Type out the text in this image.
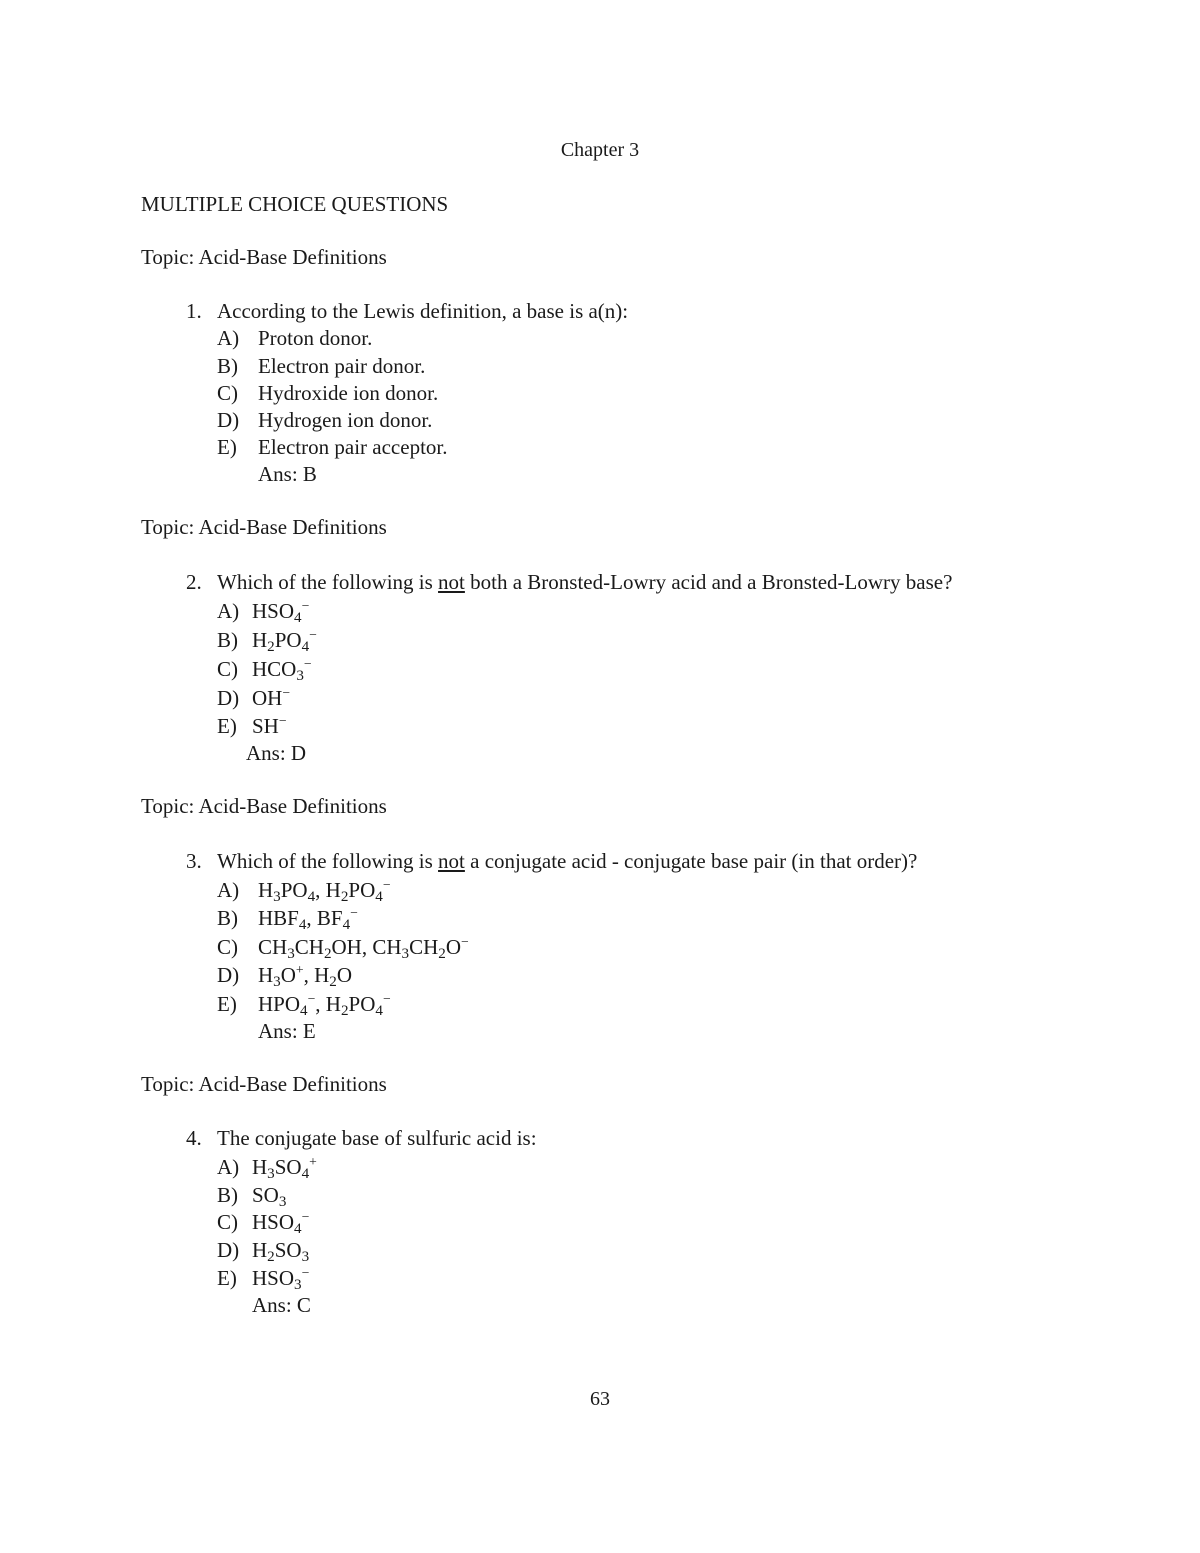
Chapter 3
MULTIPLE CHOICE QUESTIONS
Topic: Acid-Base Definitions
1. According to the Lewis definition, a base is a(n):
A) Proton donor.
B) Electron pair donor.
C) Hydroxide ion donor.
D) Hydrogen ion donor.
E) Electron pair acceptor.
Ans: B
Topic: Acid-Base Definitions
2. Which of the following is not both a Bronsted-Lowry acid and a Bronsted-Lowry base?
A) $HSO_4^-$
B) $H_2PO_4^-$
C) $HCO_3^-$
D) OH−
E) SH−
Ans: D
Topic: Acid-Base Definitions
3. Which of the following is not a conjugate acid - conjugate base pair (in that order)?
A) $H_3PO_4$, $H_2PO_4^-$
B) $HBF_4$, $BF_4^-$
C) $CH_3CH_2OH$, $CH_3CH_2O^-$
D) $H_3O^+$, $H_2O$
E) $HPO_4^-$, $H_2PO_4^-$
Ans: E
Topic: Acid-Base Definitions
4. The conjugate base of sulfuric acid is:
A) $H_3SO_4^+$
B) $SO_3$
C) $HSO_4^-$
D) $H_2SO_3$
E) $HSO_3^-$
Ans: C
63
